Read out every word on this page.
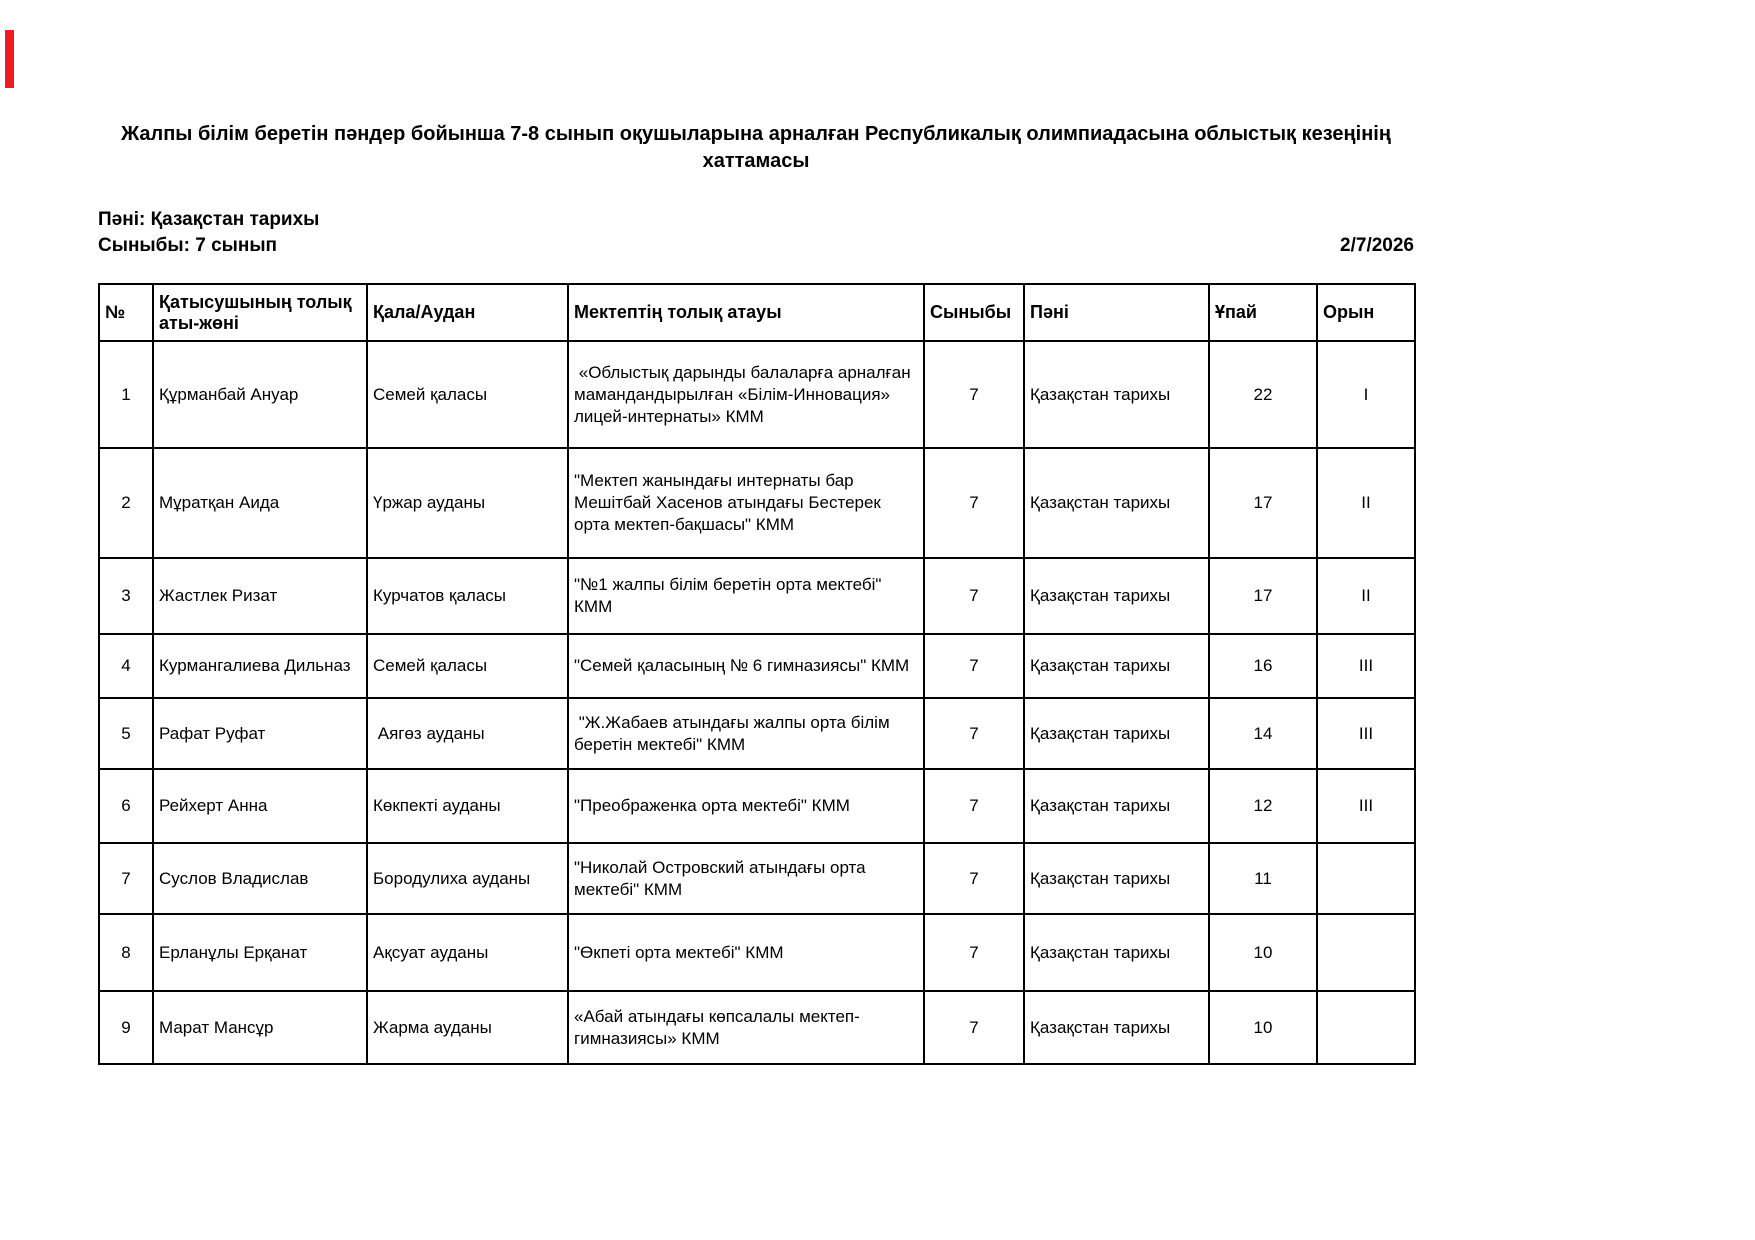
Жалпы білім беретін пәндер бойынша 7-8 сынып оқушыларына арналған Республикалық олимпиадасына облыстық кезеңінің
хаттамасы
Пәні: Қазақстан тарихы
Сыныбы: 7 сынып	2/7/2026
№	Қатысушының толық аты-жөні	Қала/Аудан	Мектептің толық атауы	Сыныбы	Пәні	Ұпай	Орын
1	Құрманбай Ануар	Семей қаласы	«Облыстық дарынды балаларға арналған мамандандырылған «Білім-Инновация» лицей-интернаты» КММ	7	Қазақстан тарихы	22	I
2	Мұратқан Аида	Үржар ауданы	"Мектеп жанындағы интернаты бар Мешітбай Хасенов атындағы Бестерек орта мектеп-бақшасы" КММ	7	Қазақстан тарихы	17	II
3	Жастлек Ризат	Курчатов қаласы	"№1 жалпы білім беретін орта мектебі" КММ	7	Қазақстан тарихы	17	II
4	Курмангалиева Дильназ	Семей қаласы	"Семей қаласының № 6 гимназиясы" КММ	7	Қазақстан тарихы	16	III
5	Рафат Руфат	Аягөз ауданы	"Ж.Жабаев атындағы жалпы орта білім беретін мектебі" КММ	7	Қазақстан тарихы	14	III
6	Рейхерт Анна	Көкпекті ауданы	"Преображенка орта мектебі" КММ	7	Қазақстан тарихы	12	III
7	Суслов Владислав	Бородулиха ауданы	"Николай Островский атындағы орта мектебі" КММ	7	Қазақстан тарихы	11	
8	Ерланұлы Ерқанат	Ақсуат ауданы	"Өкпеті орта мектебі" КММ	7	Қазақстан тарихы	10	
9	Марат Мансұр	Жарма ауданы	«Абай атындағы көпсалалы мектеп-гимназиясы» КММ	7	Қазақстан тарихы	10	
